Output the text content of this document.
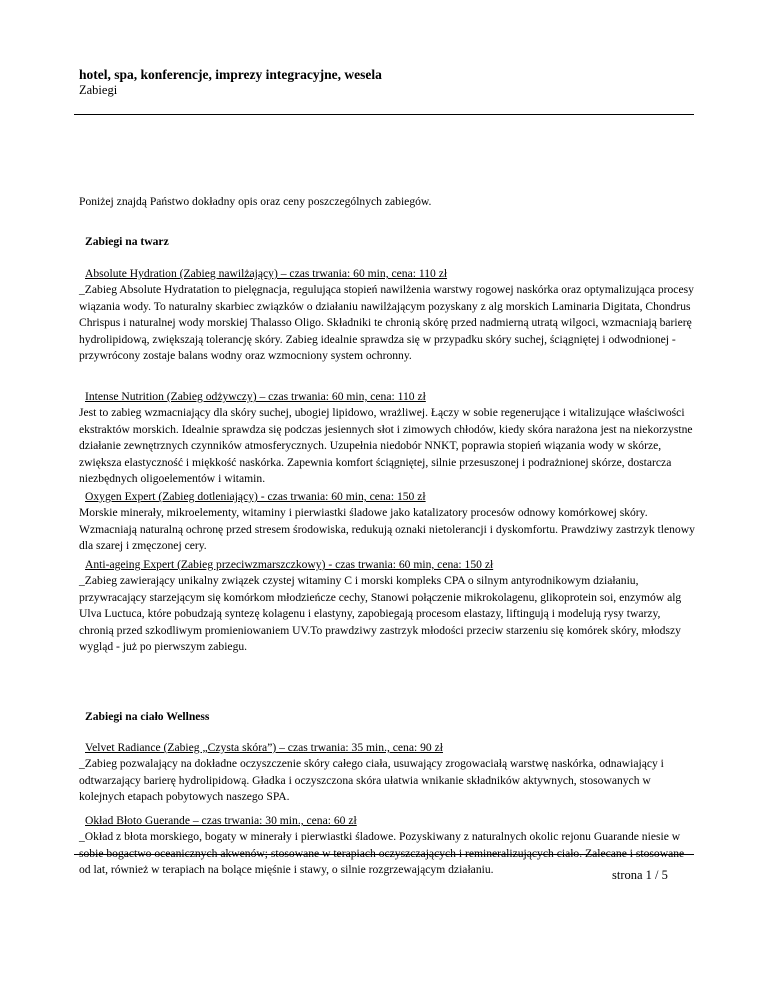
hotel, spa, konferencje, imprezy integracyjne, wesela
Zabiegi
Poniżej znajdą Państwo dokładny opis oraz ceny poszczególnych zabiegów.
Zabiegi na twarz
Absolute Hydration (Zabieg nawilżający) – czas trwania: 60 min, cena: 110 zł
_Zabieg Absolute Hydratation to pielęgnacja, regulująca stopień nawilżenia warstwy rogowej naskórka oraz optymalizująca procesy wiązania wody. To naturalny skarbiec związków o działaniu nawilżającym pozyskany z alg morskich Laminaria Digitata, Chondrus Chrispus i naturalnej wody morskiej Thalasso Oligo. Składniki te chronią skórę przed nadmierną utratą wilgoci, wzmacniają barierę hydrolipidową, zwiększają tolerancję skóry. Zabieg idealnie sprawdza się w przypadku skóry suchej, ściągniętej i odwodnionej - przywrócony zostaje balans wodny oraz wzmocniony system ochronny.
Intense Nutrition (Zabieg odżywczy) – czas trwania: 60 min, cena: 110 zł
Jest to zabieg wzmacniający dla skóry suchej, ubogiej lipidowo, wrażliwej. Łączy w sobie regenerujące i witalizujące właściwości ekstraktów morskich. Idealnie sprawdza się podczas jesiennych słot i zimowych chłodów, kiedy skóra narażona jest na niekorzystne działanie zewnętrznych czynników atmosferycznych. Uzupełnia niedobór NNKT, poprawia stopień wiązania wody w skórze, zwiększa elastyczność i miękkość naskórka. Zapewnia komfort ściągniętej, silnie przesuszonej i podrażnionej skórze, dostarcza niezbędnych oligoelementów i witamin.
Oxygen Expert (Zabieg dotleniający) - czas trwania: 60 min, cena: 150 zł
Morskie minerały, mikroelementy, witaminy i pierwiastki śladowe jako katalizatory procesów odnowy komórkowej skóry. Wzmacniają naturalną ochronę przed stresem środowiska, redukują oznaki nietolerancji i dyskomfortu. Prawdziwy zastrzyk tlenowy dla szarej i zmęczonej cery.
Anti-ageing Expert (Zabieg przeciwzmarszczkowy) - czas trwania: 60 min, cena: 150 zł
_Zabieg zawierający unikalny związek czystej witaminy C i morski kompleks CPA o silnym antyrodnikowym działaniu, przywracający starzejącym się komórkom młodzieńcze cechy, Stanowi połączenie mikrokolagenu, glikoprotein soi, enzymów alg Ulva Luctuca, które pobudzają syntezę kolagenu i elastyny, zapobiegają procesom elastazy, liftingują i modelują rysy twarzy, chronią przed szkodliwym promieniowaniem UV.To prawdziwy zastrzyk młodości przeciw starzeniu się komórek skóry, młodszy wygląd - już po pierwszym zabiegu.
Zabiegi na ciało Wellness
Velvet Radiance (Zabieg „Czysta skóra”) – czas trwania: 35 min., cena: 90 zł
_Zabieg pozwalający na dokładne oczyszczenie skóry całego ciała, usuwający zrogowaciałą warstwę naskórka, odnawiający i odtwarzający barierę hydrolipidową. Gładka i oczyszczona skóra ułatwia wnikanie składników aktywnych, stosowanych w kolejnych etapach pobytowych naszego SPA.
Okład Błoto Guerande – czas trwania: 30 min., cena: 60 zł
_Okład z błota morskiego, bogaty w minerały i pierwiastki śladowe. Pozyskiwany z naturalnych okolic rejonu Guarande niesie w sobie bogactwo oceanicznych akwenów; stosowane w terapiach oczyszczających i remineralizujących ciało. Zalecane i stosowane od lat, również w terapiach na bolące mięśnie i stawy, o silnie rozgrzewającym działaniu.	strona 1 / 5
